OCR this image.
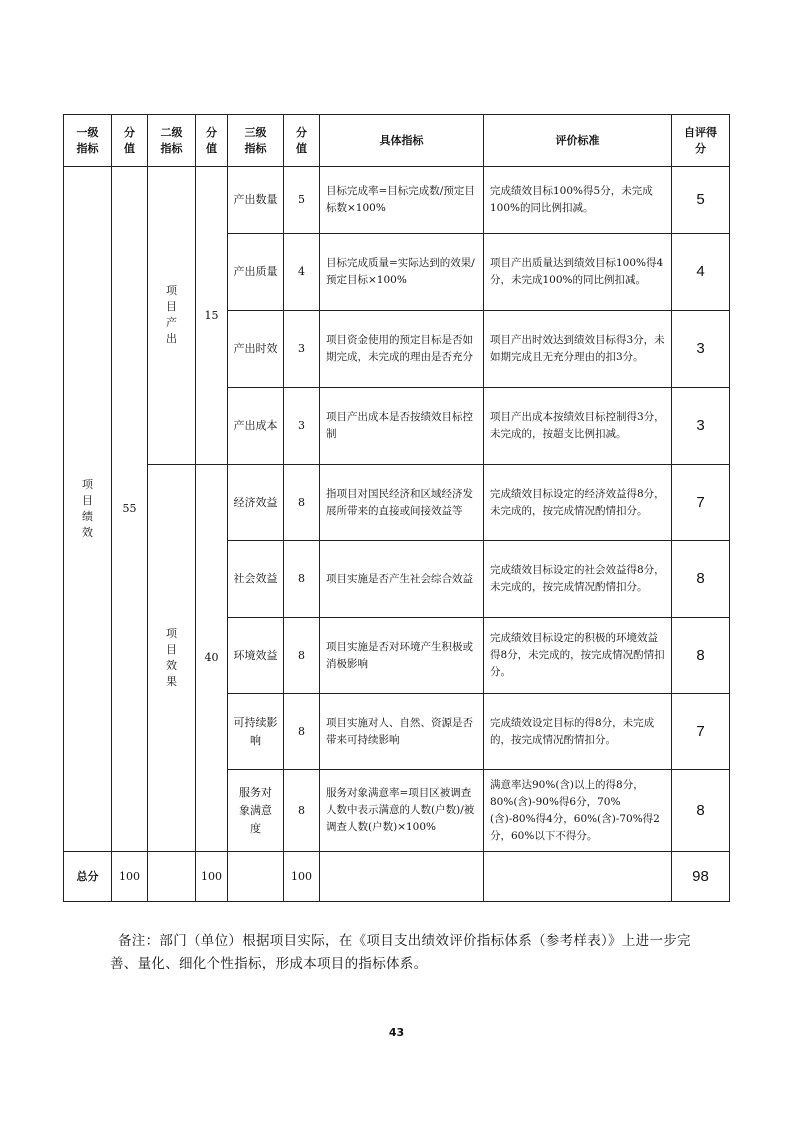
一级指标	分值	二级指标	分值	三级指标	分值	具体指标	评价标准	自评得分
项目绩效	55	项目产出	15	产出数量	5	目标完成率=目标完成数/预定目标数×100%	完成绩效目标100%得5分，未完成100%的同比例扣减。	5
				产出质量	4	目标完成质量=实际达到的效果/预定目标×100%	项目产出质量达到绩效目标100%得4分，未完成100%的同比例扣减。	4
				产出时效	3	项目资金使用的预定目标是否如期完成，未完成的理由是否充分	项目产出时效达到绩效目标得3分，未如期完成且无充分理由的扣3分。	3
				产出成本	3	项目产出成本是否按绩效目标控制	项目产出成本按绩效目标控制得3分，未完成的，按超支比例扣减。	3
		项目效果	40	经济效益	8	指项目对国民经济和区域经济发展所带来的直接或间接效益等	完成绩效目标设定的经济效益得8分，未完成的，按完成情况酌情扣分。	7
				社会效益	8	项目实施是否产生社会综合效益	完成绩效目标设定的社会效益得8分，未完成的，按完成情况酌情扣分。	8
				环境效益	8	项目实施是否对环境产生积极或消极影响	完成绩效目标设定的积极的环境效益得8分，未完成的，按完成情况酌情扣分。	8
				可持续影响	8	项目实施对人、自然、资源是否带来可持续影响	完成绩效设定目标的得8分，未完成的，按完成情况酌情扣分。	7
				服务对象满意度	8	服务对象满意率=项目区被调查人数中表示满意的人数(户数)/被调查人数(户数)×100%	满意率达90%(含)以上的得8分，80%(含)-90%得6分，70%(含)-80%得4分，60%(含)-70%得2分，60%以下不得分。	8
总分	100		100		100			98
备注：部门（单位）根据项目实际，在《项目支出绩效评价指标体系（参考样表）》上进一步完善、量化、细化个性指标，形成本项目的指标体系。
43
